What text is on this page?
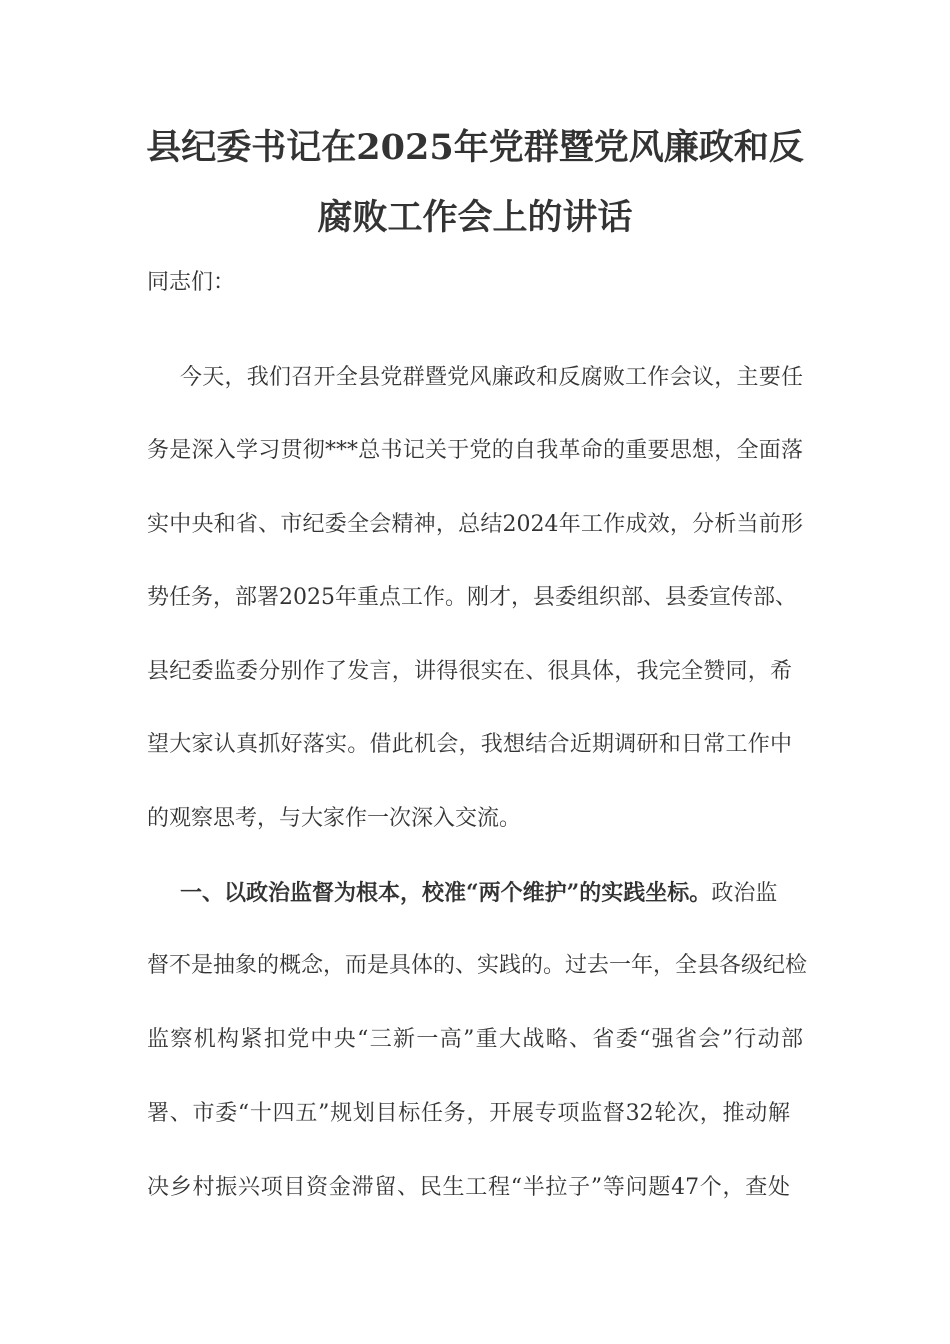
县纪委书记在2025年党群暨党风廉政和反
腐败工作会上的讲话
同志们：
今天，我们召开全县党群暨党风廉政和反腐败工作会议，主要任
务是深入学习贯彻***总书记关于党的自我革命的重要思想，全面落
实中央和省、市纪委全会精神，总结2024年工作成效，分析当前形
势任务，部署2025年重点工作。刚才，县委组织部、县委宣传部、
县纪委监委分别作了发言，讲得很实在、很具体，我完全赞同，希
望大家认真抓好落实。借此机会，我想结合近期调研和日常工作中
的观察思考，与大家作一次深入交流。
一、以政治监督为根本，校准“两个维护”的实践坐标。政治监
督不是抽象的概念，而是具体的、实践的。过去一年，全县各级纪检
监察机构紧扣党中央“三新一高”重大战略、省委“强省会”行动部
署、市委“十四五”规划目标任务，开展专项监督32轮次，推动解
决乡村振兴项目资金滞留、民生工程“半拉子”等问题47个，查处
